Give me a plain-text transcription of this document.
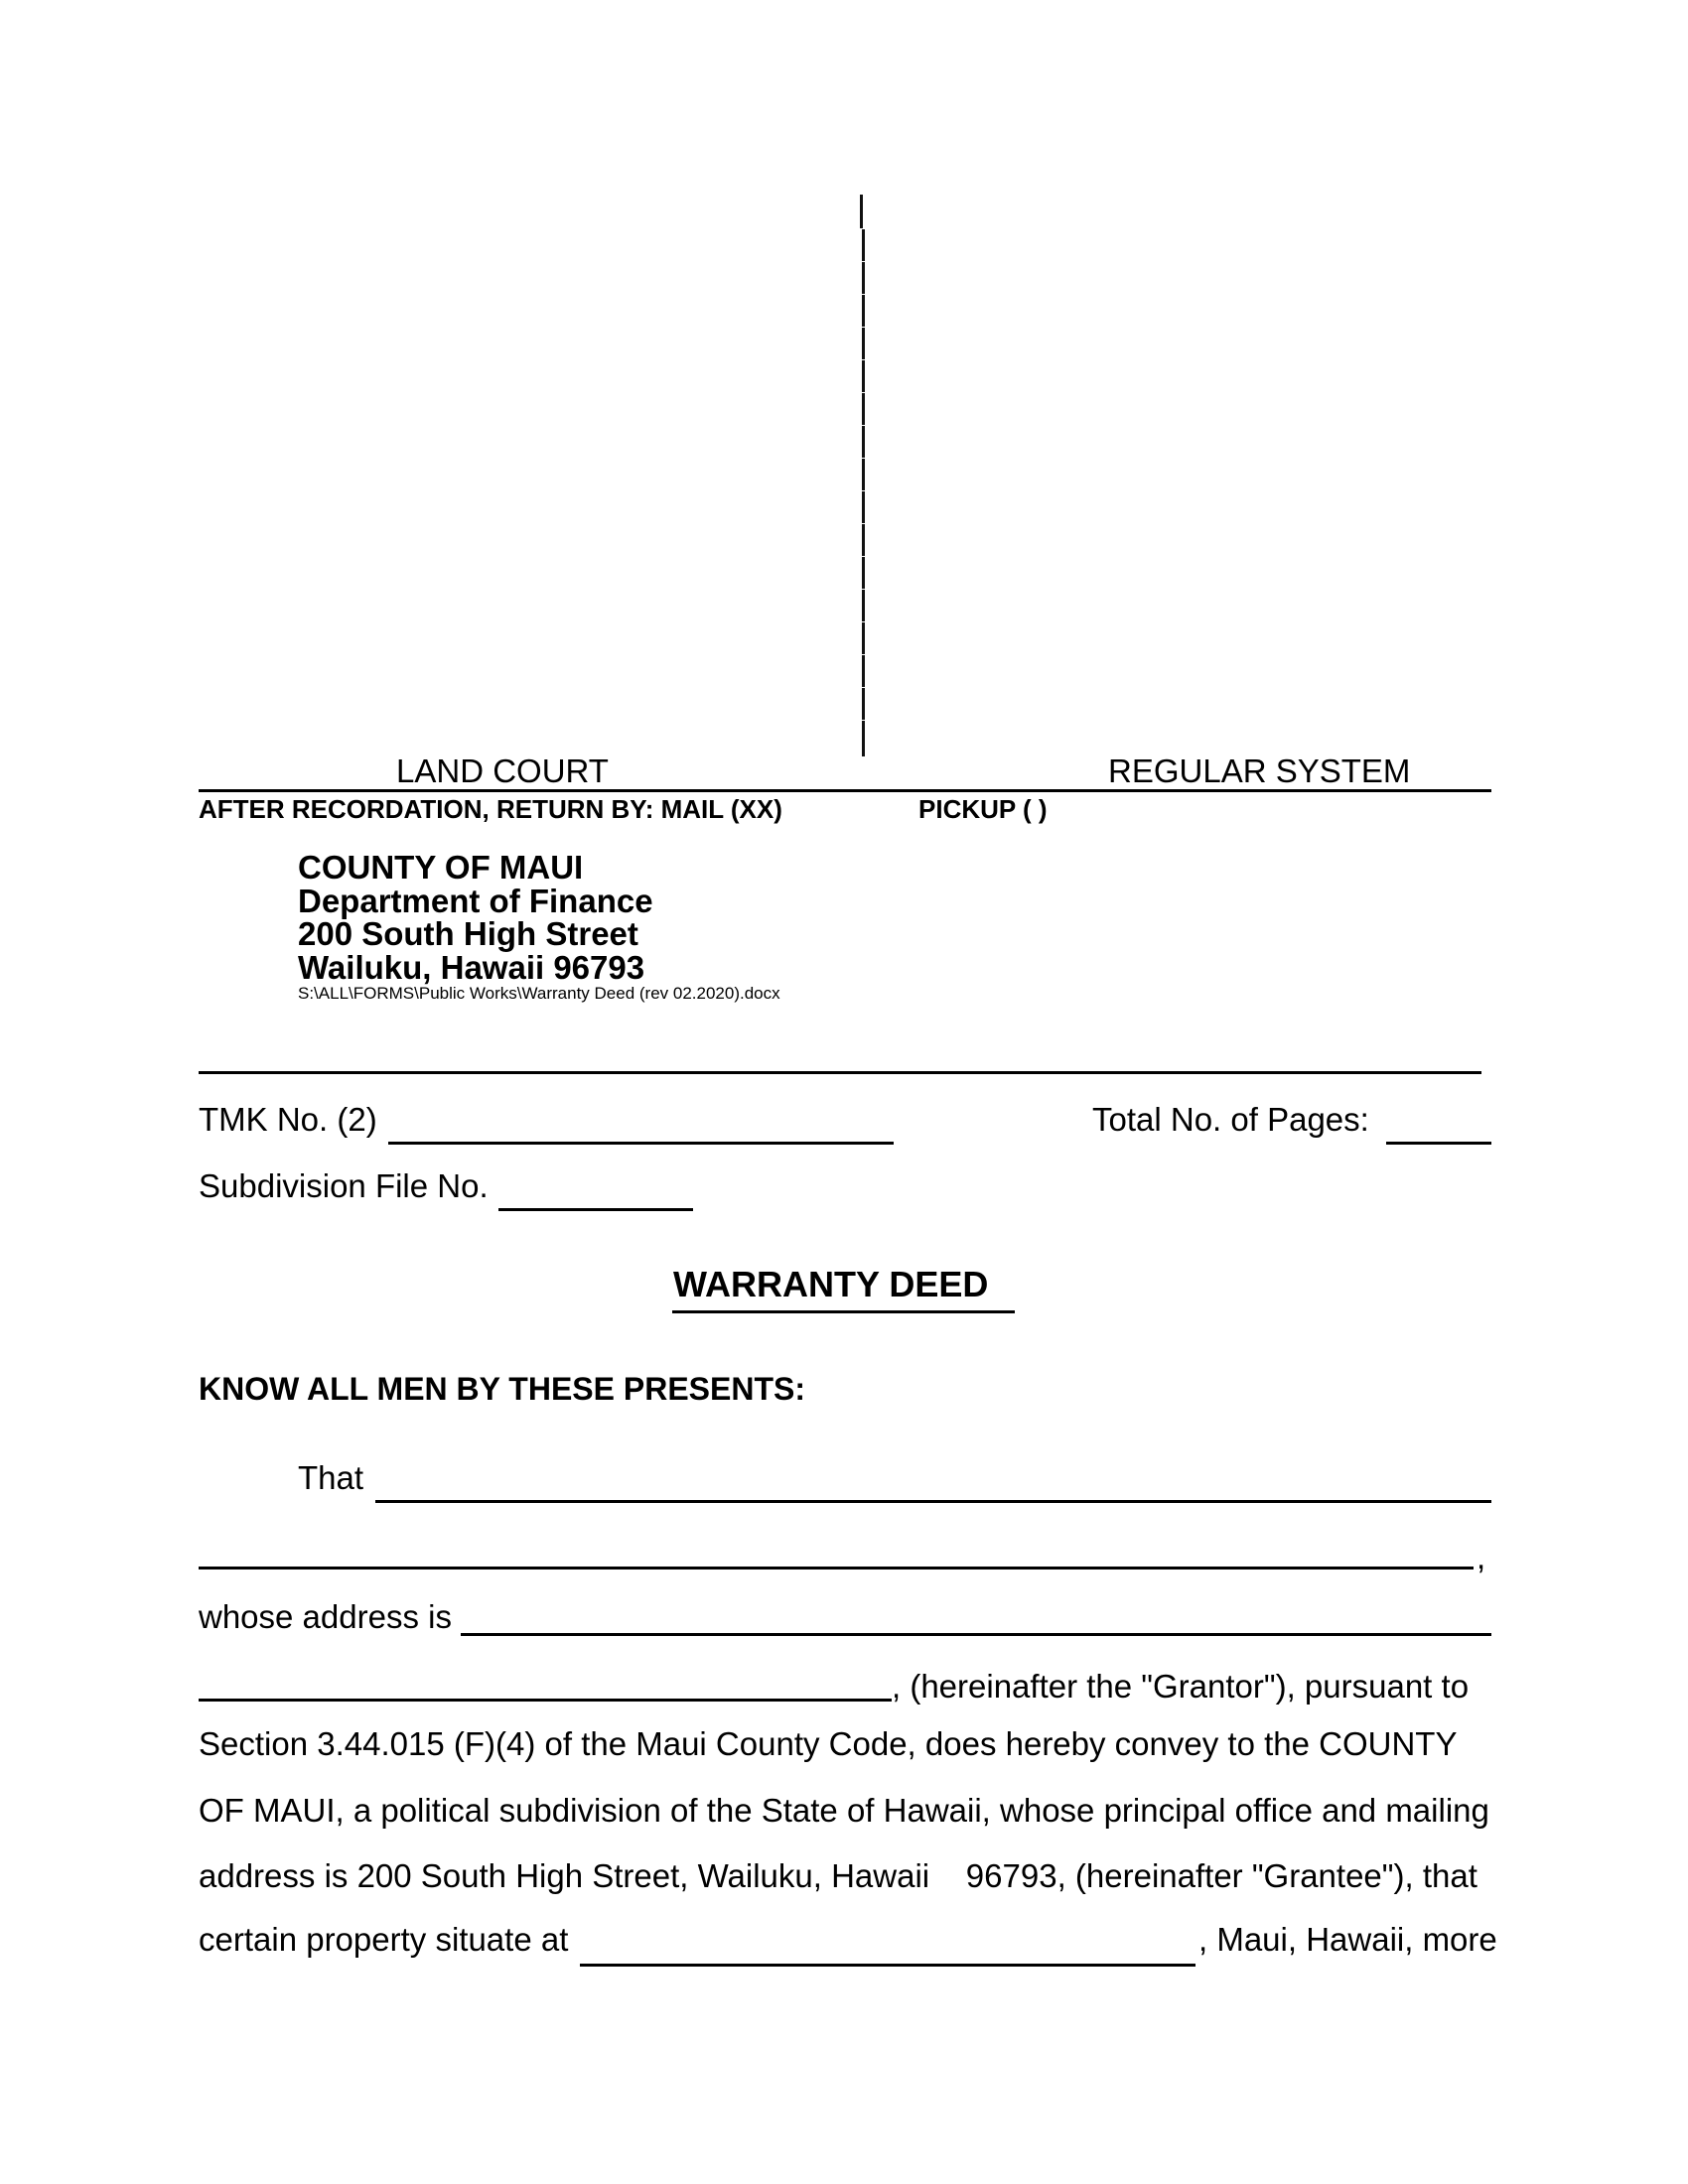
LAND COURT	REGULAR SYSTEM
AFTER RECORDATION, RETURN BY: MAIL (XX)	PICKUP ( )
COUNTY OF MAUI
Department of Finance
200 South High Street
Wailuku, Hawaii 96793
S:\ALL\FORMS\Public Works\Warranty Deed (rev 02.2020).docx
TMK No. (2)	Total No. of Pages:
Subdivision File No.
WARRANTY DEED
KNOW ALL MEN BY THESE PRESENTS:
That
,
whose address is
, (hereinafter the "Grantor"), pursuant to
Section 3.44.015 (F)(4) of the Maui County Code, does hereby convey to the COUNTY
OF MAUI, a political subdivision of the State of Hawaii, whose principal office and mailing
address is 200 South High Street, Wailuku, Hawaii    96793, (hereinafter "Grantee"), that
certain property situate at	, Maui, Hawaii, more
